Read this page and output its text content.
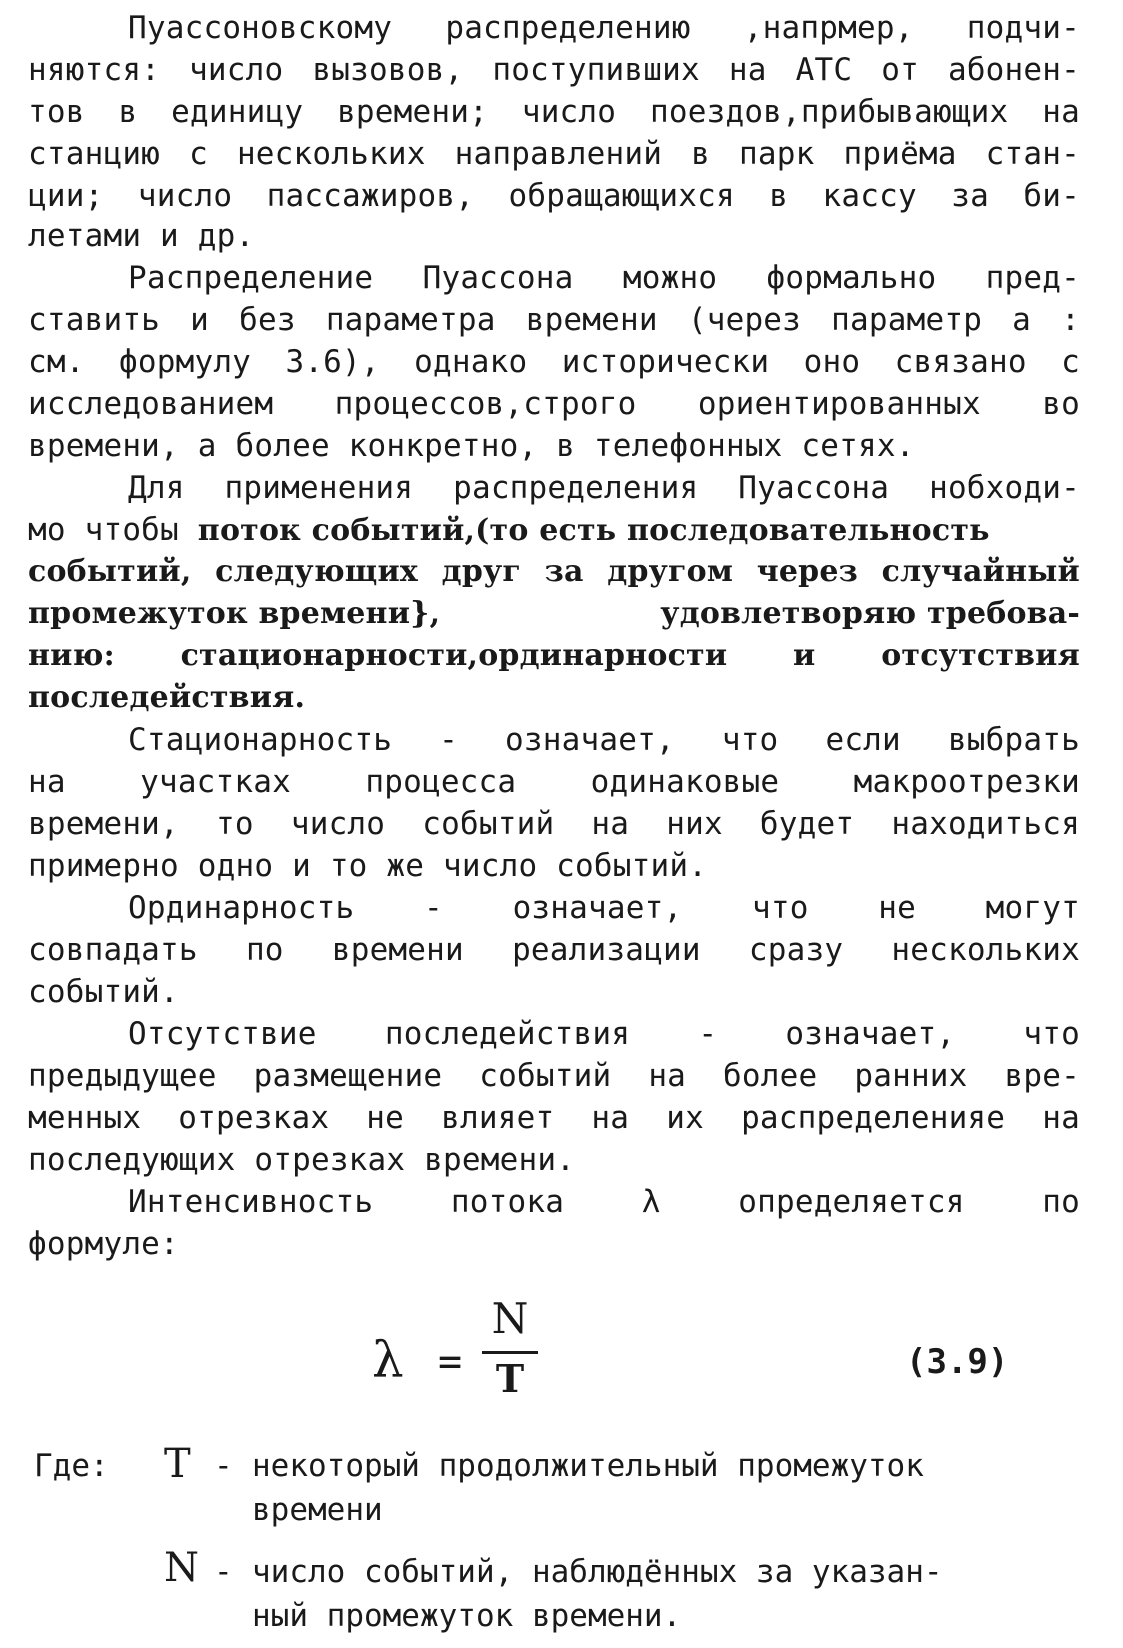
Пуассоновскому распределению ,напрмер, подчи-
няются: число вызовов, поступивших на АТС от абонен-
тов в единицу времени; число поездов,прибывающих на
станцию с нескольких направлений в парк приёма стан-
ции; число пассажиров, обращающихся в кассу за би-
летами и др.
Распределение Пуассона можно формально пред-
ставить и без параметра времени (через параметр а :
см. формулу 3.6), однако исторически оно связано с
исследованием процессов,строго ориентированных во
времени, а более конкретно, в телефонных сетях.
Для применения распределения Пуассона нобходи-
мо чтобы поток событий,(то есть последовательность
событий, следующих друг за другом через случайный
промежуток времени},	удовлетворяю требова-
нию: стационарности,ординарности и отсутствия
последействия.
Стационарность - означает, что если выбрать
на участках процесса одинаковые макроотрезки
времени, то число событий на них будет находиться
примерно одно и то же число событий.
Ординарность - означает, что не могут
совпадать по времени реализации сразу нескольких
событий.
Отсутствие последействия - означает, что
предыдущее размещение событий на более ранних вре-
менных отрезках не влияет на их распределенияе на
последующих отрезках времени.
Интенсивность потока λ определяется по
формуле:
λ =
N
T	(3.9)
Где: T - некоторый продолжительный промежуток
времени
N - число событий, наблюдённых за указан-
ный промежуток времени.
